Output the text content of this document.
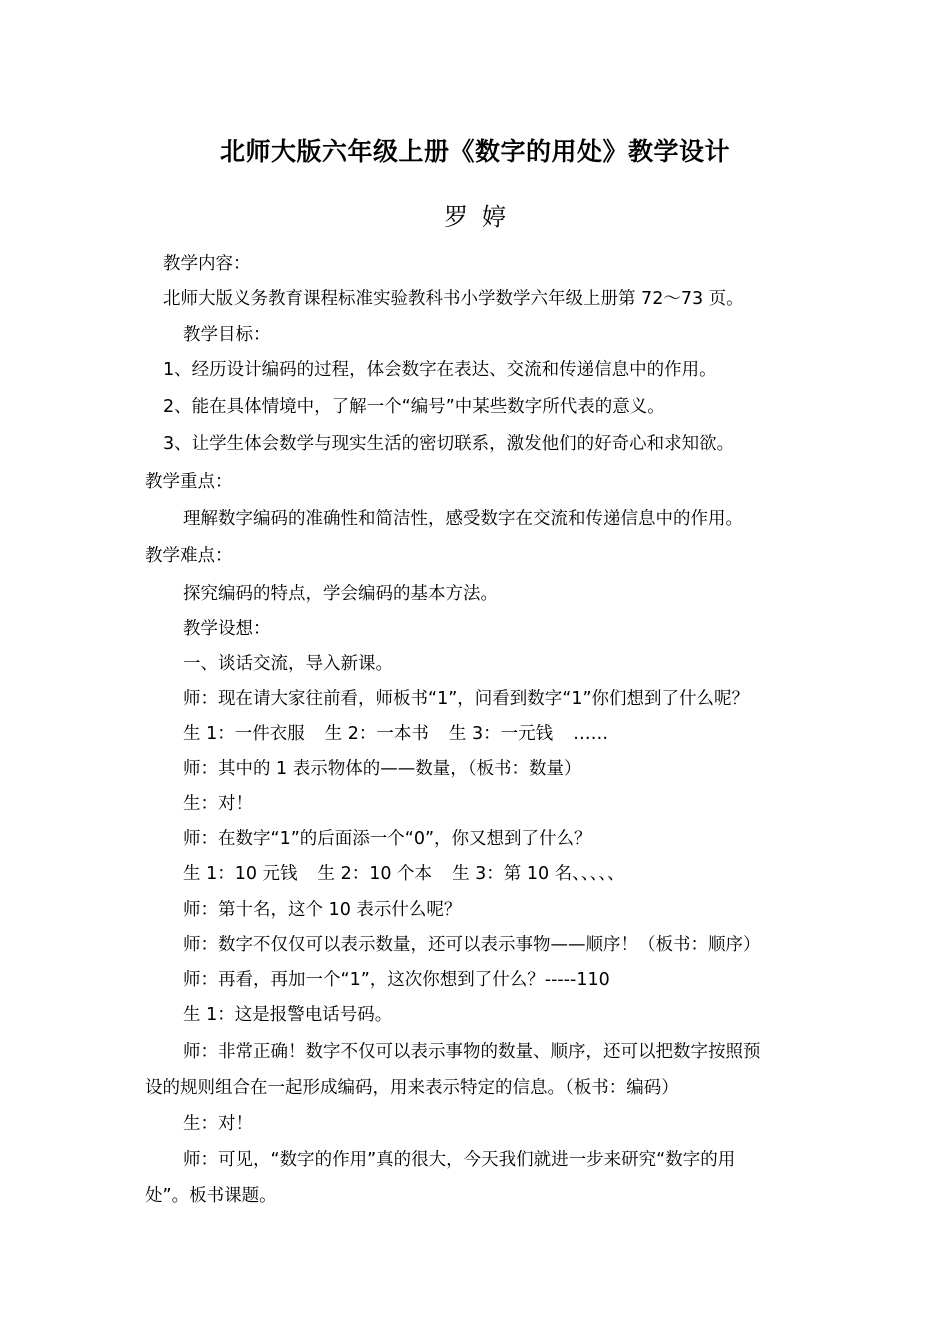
北师大版六年级上册《数字的用处》教学设计
罗 婷
教学内容：
北师大版义务教育课程标准实验教科书小学数学六年级上册第 72～73 页。
教学目标：
1、经历设计编码的过程，体会数字在表达、交流和传递信息中的作用。
2、能在具体情境中，了解一个“编号”中某些数字所代表的意义。
3、让学生体会数学与现实生活的密切联系，激发他们的好奇心和求知欲。
教学重点：
理解数字编码的准确性和简洁性，感受数字在交流和传递信息中的作用。
教学难点：
探究编码的特点，学会编码的基本方法。
教学设想：
一、谈话交流，导入新课。
师：现在请大家往前看，师板书“1”，问看到数字“1”你们想到了什么呢？
生 1：一件衣服 生 2：一本书 生 3：一元钱 ……
师：其中的 1 表示物体的——数量，（板书：数量）
生：对！
师：在数字“1”的后面添一个“0”，你又想到了什么？
生 1：10 元钱 生 2：10 个本 生 3：第 10 名、、、、、
师：第十名，这个 10 表示什么呢？
师：数字不仅仅可以表示数量，还可以表示事物——顺序！（板书：顺序）
师：再看，再加一个“1”，这次你想到了什么？-----110
生 1：这是报警电话号码。
师：非常正确！数字不仅可以表示事物的数量、顺序，还可以把数字按照预
设的规则组合在一起形成编码，用来表示特定的信息。（板书：编码）
生：对！
师：可见，“数字的作用”真的很大，今天我们就进一步来研究“数字的用
处”。板书课题。
